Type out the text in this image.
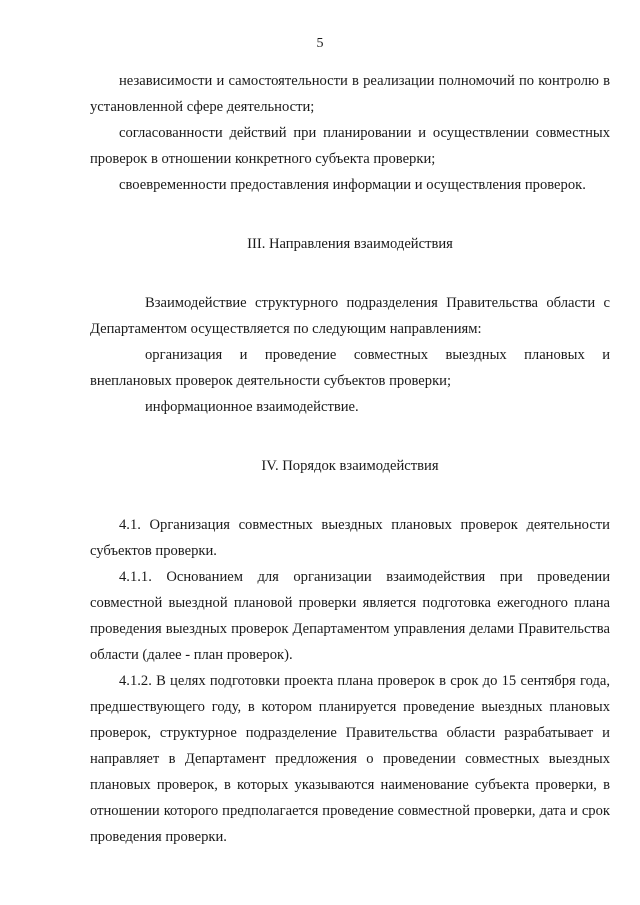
5

независимости и самостоятельности в реализации полномочий по контролю в установленной сфере деятельности;

согласованности действий при планировании и осуществлении совместных проверок в отношении конкретного субъекта проверки;

своевременности предоставления информации и осуществления проверок.

III. Направления взаимодействия

Взаимодействие структурного подразделения Правительства области с Департаментом осуществляется по следующим направлениям:

организация и проведение совместных выездных плановых и внеплановых проверок деятельности субъектов проверки;

информационное взаимодействие.

IV. Порядок взаимодействия

4.1. Организация совместных выездных плановых проверок деятельности субъектов проверки.

4.1.1. Основанием для организации взаимодействия при проведении совместной выездной плановой проверки является подготовка ежегодного плана проведения выездных проверок Департаментом управления делами Правительства области (далее - план проверок).

4.1.2. В целях подготовки проекта плана проверок в срок до 15 сентября года, предшествующего году, в котором планируется проведение выездных плановых проверок, структурное подразделение Правительства области разрабатывает и направляет в Департамент предложения о проведении совместных выездных плановых проверок, в которых указываются наименование субъекта проверки, в отношении которого предполагается проведение совместной проверки, дата и срок проведения проверки.
